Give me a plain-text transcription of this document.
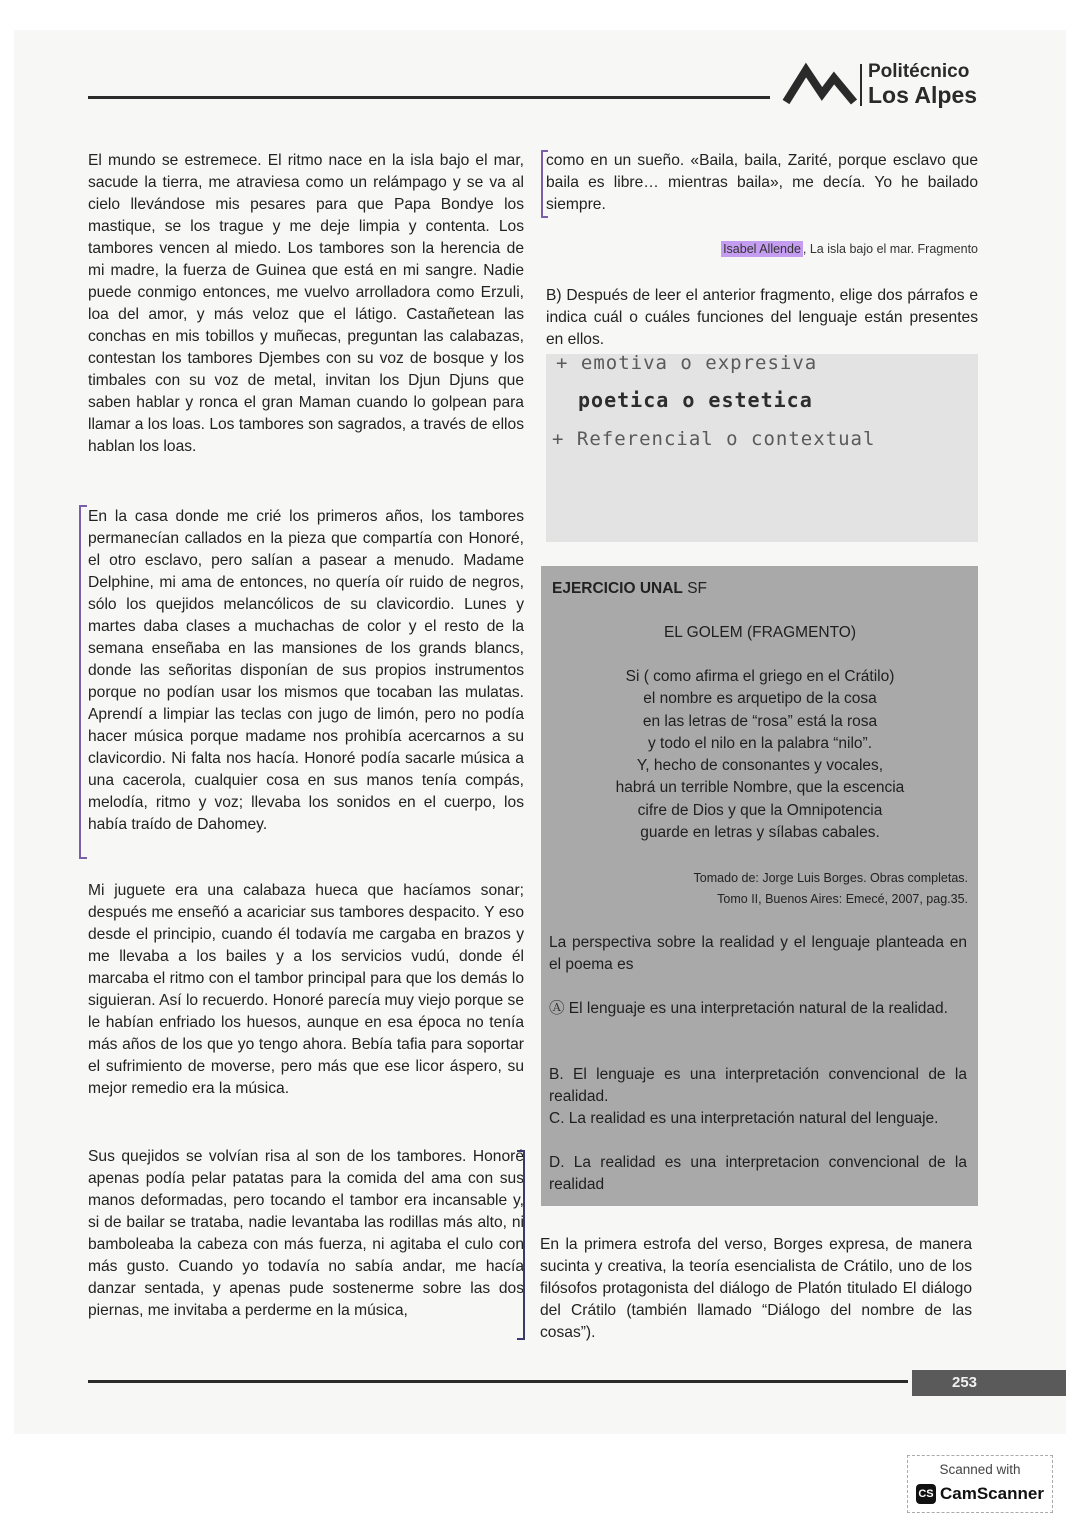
Politécnico
Los Alpes

El mundo se estremece. El ritmo nace en la isla bajo el mar, sacude la tierra, me atraviesa como un relámpago y se va al cielo llevándose mis pesares para que Papa Bondye los mastique, se los trague y me deje limpia y contenta. Los tambores vencen al miedo. Los tambores son la herencia de mi madre, la fuerza de Guinea que está en mi sangre. Nadie puede conmigo entonces, me vuelvo arrolladora como Erzuli, loa del amor, y más veloz que el látigo. Castañetean las conchas en mis tobillos y muñecas, preguntan las calabazas, contestan los tambores Djembes con su voz de bosque y los timbales con su voz de metal, invitan los Djun Djuns que saben hablar y ronca el gran Maman cuando lo golpean para llamar a los loas. Los tambores son sagrados, a través de ellos hablan los loas.

En la casa donde me crié los primeros años, los tambores permanecían callados en la pieza que compartía con Honoré, el otro esclavo, pero salían a pasear a menudo. Madame Delphine, mi ama de entonces, no quería oír ruido de negros, sólo los quejidos melancólicos de su clavicordio. Lunes y martes daba clases a muchachas de color y el resto de la semana enseñaba en las mansiones de los grands blancs, donde las señoritas disponían de sus propios instrumentos porque no podían usar los mismos que tocaban las mulatas. Aprendí a limpiar las teclas con jugo de limón, pero no podía hacer música porque madame nos prohibía acercarnos a su clavicordio. Ni falta nos hacía. Honoré podía sacarle música a una cacerola, cualquier cosa en sus manos tenía compás, melodía, ritmo y voz; llevaba los sonidos en el cuerpo, los había traído de Dahomey.

Mi juguete era una calabaza hueca que hacíamos sonar; después me enseñó a acariciar sus tambores despacito. Y eso desde el principio, cuando él todavía me cargaba en brazos y me llevaba a los bailes y a los servicios vudú, donde él marcaba el ritmo con el tambor principal para que los demás lo siguieran. Así lo recuerdo. Honoré parecía muy viejo porque se le habían enfriado los huesos, aunque en esa época no tenía más años de los que yo tengo ahora. Bebía tafia para soportar el sufrimiento de moverse, pero más que ese licor áspero, su mejor remedio era la música.

Sus quejidos se volvían risa al son de los tambores. Honoré apenas podía pelar patatas para la comida del ama con sus manos deformadas, pero tocando el tambor era incansable y, si de bailar se trataba, nadie levantaba las rodillas más alto, ni bamboleaba la cabeza con más fuerza, ni agitaba el culo con más gusto. Cuando yo todavía no sabía andar, me hacía danzar sentada, y apenas pude sostenerme sobre las dos piernas, me invitaba a perderme en la música,

como en un sueño. «Baila, baila, Zarité, porque esclavo que baila es libre… mientras baila», me decía. Yo he bailado siempre.

Isabel Allende , La isla bajo el mar. Fragmento

B) Después de leer el anterior fragmento, elige dos párrafos e indica cuál o cuáles funciones del lenguaje están presentes en ellos.

+ emotiva o expresiva
poetica o estetica
+ Referencial o contextual
EJERCICIO UNAL SF
EL GOLEM (FRAGMENTO)
Si ( como afirma el griego en el Crátilo)
el nombre es arquetipo de la cosa
en las letras de “rosa” está la rosa
y todo el nilo en la palabra “nilo”.
Y, hecho de consonantes y vocales,
habrá un terrible Nombre, que la escencia
cifre de Dios y que la Omnipotencia
guarde en letras y sílabas cabales.
Tomado de: Jorge Luis Borges. Obras completas.
Tomo II, Buenos Aires: Emecé, 2007, pag.35.
La perspectiva sobre la realidad y el lenguaje planteada en el poema es
Ⓐ El lenguaje es una interpretación natural de la realidad.
B. El lenguaje es una interpretación convencional de la realidad.
C. La realidad es una interpretación natural del lenguaje.
D. La realidad es una interpretacion convencional de la realidad

En la primera estrofa del verso, Borges expresa, de manera sucinta y creativa, la teoría esencialista de Crátilo, uno de los filósofos protagonista del diálogo de Platón titulado El diálogo del Crátilo (también llamado “Diálogo del nombre de las cosas”).

253
Scanned with
CS CamScanner
